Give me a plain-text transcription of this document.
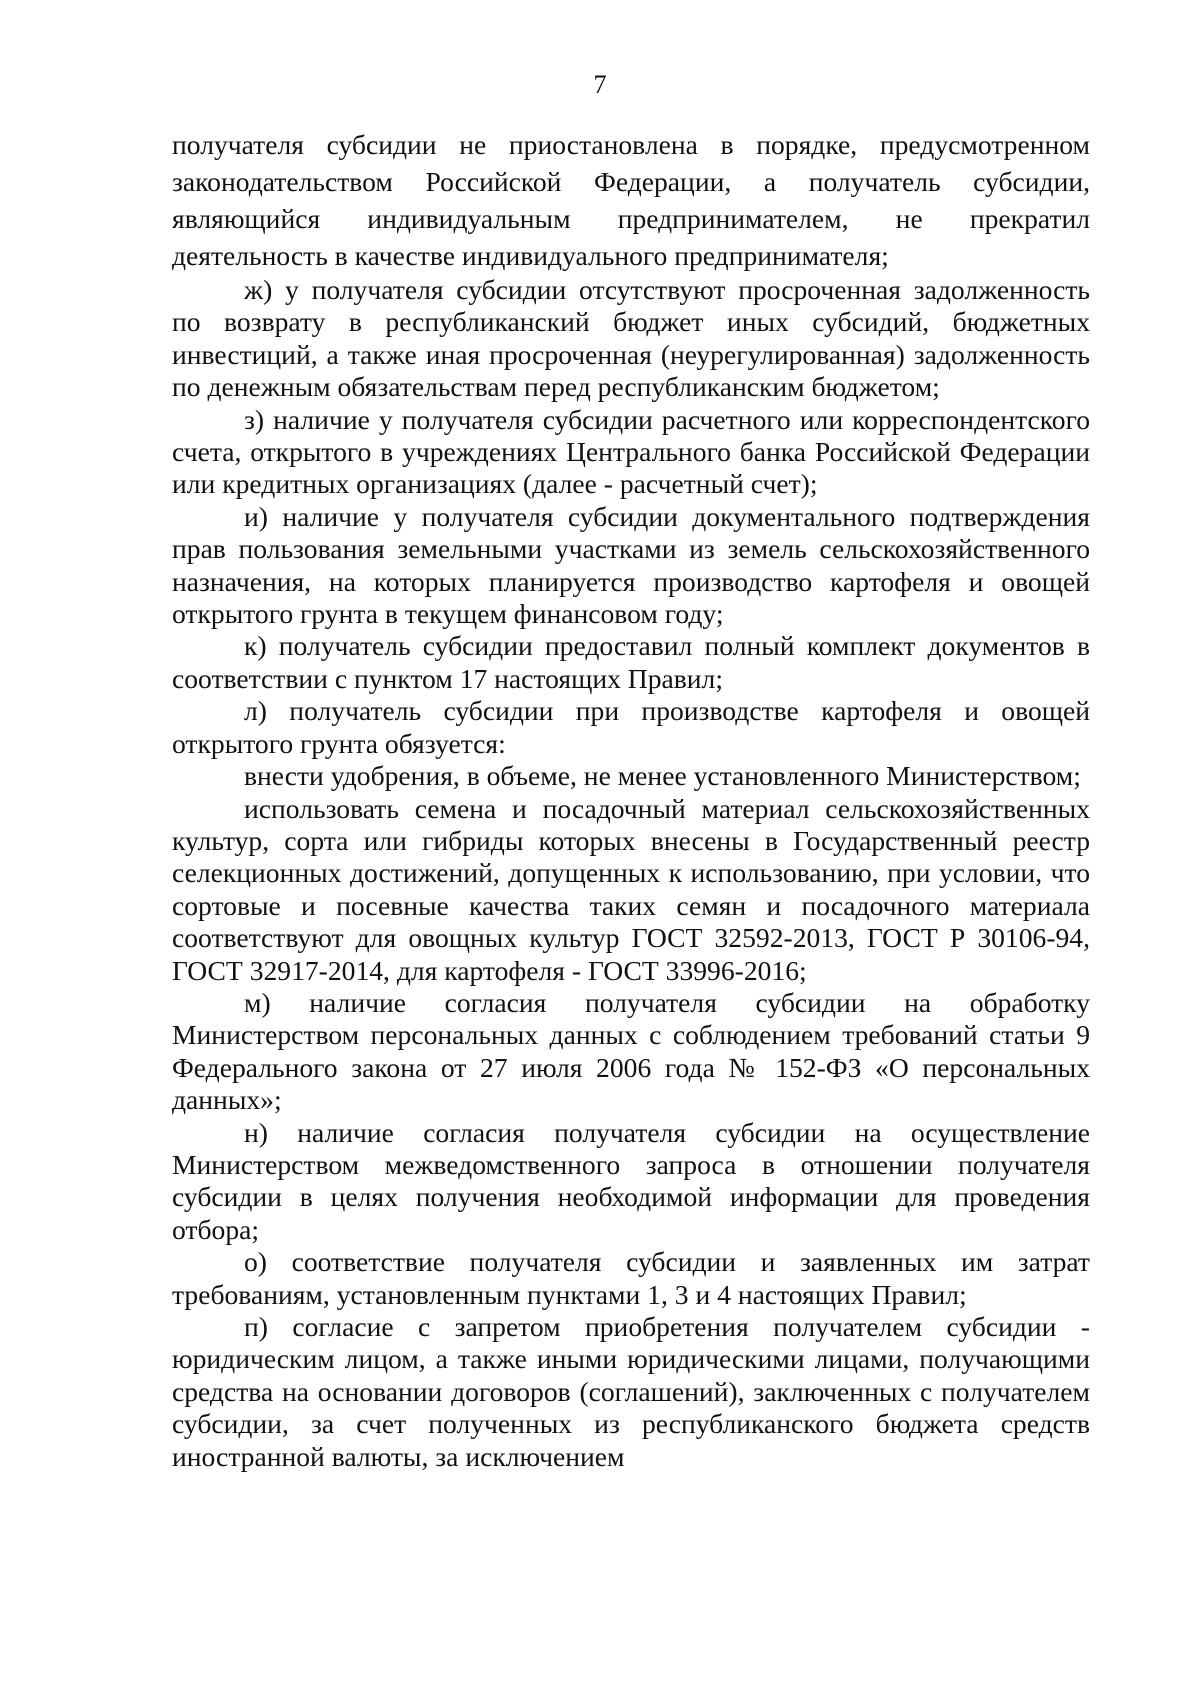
7

получателя субсидии не приостановлена в порядке, предусмотренном законодательством Российской Федерации, а получатель субсидии, являющийся индивидуальным предпринимателем, не прекратил деятельность в качестве индивидуального предпринимателя;

ж) у получателя субсидии отсутствуют просроченная задолженность по возврату в республиканский бюджет иных субсидий, бюджетных инвестиций, а также иная просроченная (неурегулированная) задолженность по денежным обязательствам перед республиканским бюджетом;

з) наличие у получателя субсидии расчетного или корреспондентского счета, открытого в учреждениях Центрального банка Российской Федерации или кредитных организациях (далее - расчетный счет);

и) наличие у получателя субсидии документального подтверждения прав пользования земельными участками из земель сельскохозяйственного назначения, на которых планируется производство картофеля и овощей открытого грунта в текущем финансовом году;

к) получатель субсидии предоставил полный комплект документов в соответствии с пунктом 17 настоящих Правил;

л) получатель субсидии при производстве картофеля и овощей открытого грунта обязуется:

внести удобрения, в объеме, не менее установленного Министерством;

использовать семена и посадочный материал сельскохозяйственных культур, сорта или гибриды которых внесены в Государственный реестр селекционных достижений, допущенных к использованию, при условии, что сортовые и посевные качества таких семян и посадочного материала соответствуют для овощных культур ГОСТ 32592-2013, ГОСТ Р 30106-94, ГОСТ 32917-2014, для картофеля - ГОСТ 33996-2016;

м) наличие согласия получателя субсидии на обработку Министерством персональных данных с соблюдением требований статьи 9 Федерального закона от 27 июля 2006 года № 152-ФЗ «О персональных данных»;

н) наличие согласия получателя субсидии на осуществление Министерством межведомственного запроса в отношении получателя субсидии в целях получения необходимой информации для проведения отбора;

о) соответствие получателя субсидии и заявленных им затрат требованиям, установленным пунктами 1, 3 и 4 настоящих Правил;

п) согласие с запретом приобретения получателем субсидии - юридическим лицом, а также иными юридическими лицами, получающими средства на основании договоров (соглашений), заключенных с получателем субсидии, за счет полученных из республиканского бюджета средств иностранной валюты, за исключением
